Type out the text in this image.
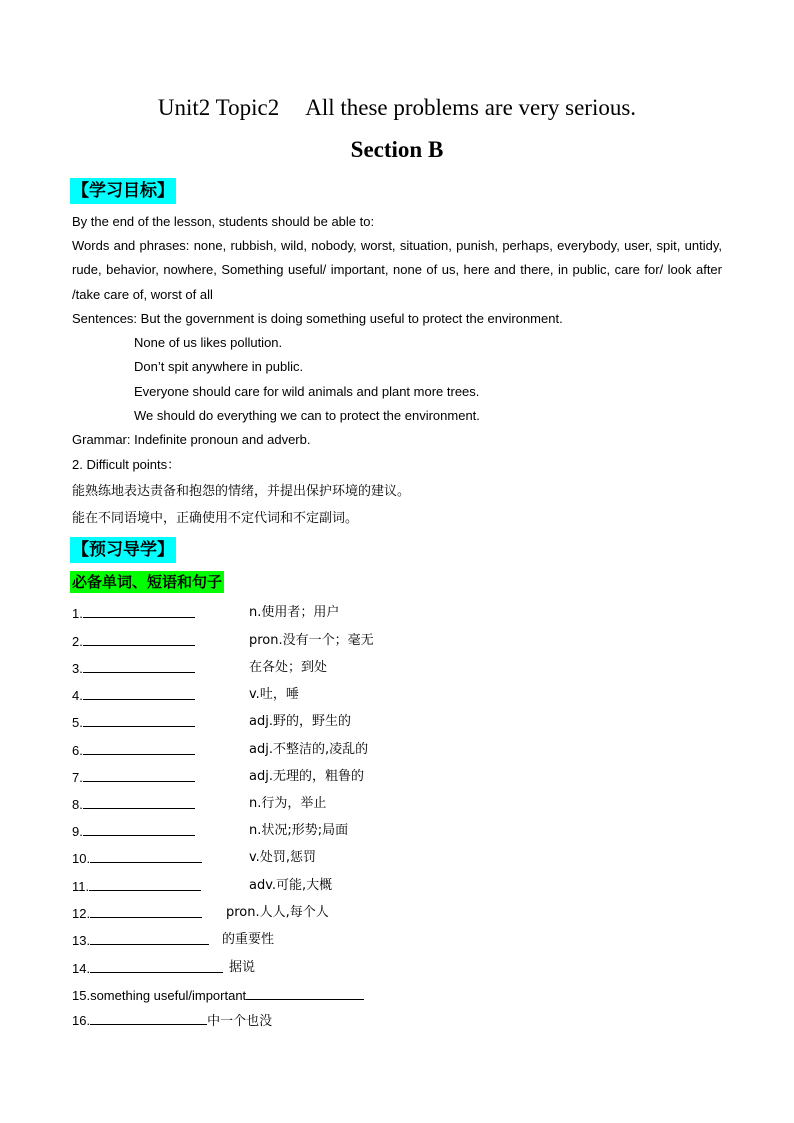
Unit2 Topic2 All these problems are very serious.
Section B
【学习目标】
By the end of the lesson, students should be able to:
Words and phrases: none, rubbish, wild, nobody, worst, situation, punish, perhaps, everybody, user, spit, untidy, rude, behavior, nowhere, Something useful/ important, none of us, here and there, in public, care for/ look after /take care of, worst of all
Sentences: But the government is doing something useful to protect the environment.
None of us likes pollution.
Don’t spit anywhere in public.
Everyone should care for wild animals and plant more trees.
We should do everything we can to protect the environment.
Grammar: Indefinite pronoun and adverb.
2. Difficult points：
能熟练地表达责备和抱怨的情绪，并提出保护环境的建议。
能在不同语境中，正确使用不定代词和不定副词。
【预习导学】
必备单词、短语和句子
1.	n.使用者；用户
2.	pron.没有一个；毫无
3.	在各处；到处
4.	v.吐，唾
5.	adj.野的，野生的
6.	adj.不整洁的,凌乱的
7.	adj.无理的，粗鲁的
8.	n.行为，举止
9.	n.状况;形势;局面
10.	v.处罚,惩罚
11.	adv.可能,大概
12.	pron.人人,每个人
13.	的重要性
14.	据说
15.something useful/important
16.	中一个也没
